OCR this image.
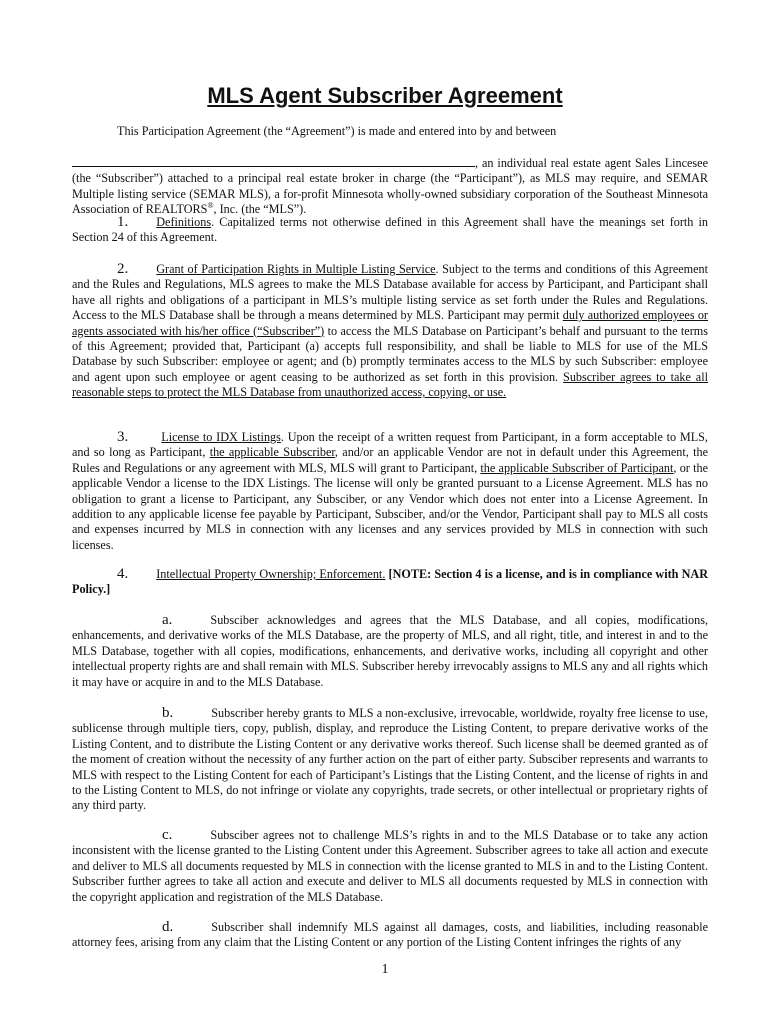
MLS Agent Subscriber Agreement

This Participation Agreement (the “Agreement”) is made and entered into by and between

, an individual real estate agent Sales Lincesee (the “Subscriber”) attached to a principal real estate broker in charge (the “Participant”), as MLS may require, and SEMAR Multiple listing service (SEMAR MLS), a for-profit Minnesota wholly-owned subsidiary corporation of the Southeast Minnesota Association of REALTORS®, Inc. (the “MLS”).

1. Definitions. Capitalized terms not otherwise defined in this Agreement shall have the meanings set forth in Section 24 of this Agreement.

2. Grant of Participation Rights in Multiple Listing Service. Subject to the terms and conditions of this Agreement and the Rules and Regulations, MLS agrees to make the MLS Database available for access by Participant, and Participant shall have all rights and obligations of a participant in MLS’s multiple listing service as set forth under the Rules and Regulations. Access to the MLS Database shall be through a means determined by MLS. Participant may permit duly authorized employees or agents associated with his/her office (“Subscriber”) to access the MLS Database on Participant’s behalf and pursuant to the terms of this Agreement; provided that, Participant (a) accepts full responsibility, and shall be liable to MLS for use of the MLS Database by such Subscriber: employee or agent; and (b) promptly terminates access to the MLS by such Subscriber: employee and agent upon such employee or agent ceasing to be authorized as set forth in this provision. Subscriber agrees to take all reasonable steps to protect the MLS Database from unauthorized access, copying, or use.

3.	License to IDX Listings. Upon the receipt of a written request from Participant, in a form acceptable to MLS, and so long as Participant, the applicable Subscriber, and/or an applicable Vendor are not in default under this Agreement, the Rules and Regulations or any agreement with MLS, MLS will grant to Participant, the applicable Subscriber of Participant, or the applicable Vendor a license to the IDX Listings. The license will only be granted pursuant to a License Agreement. MLS has no obligation to grant a license to Participant, any Subsciber, or any Vendor which does not enter into a License Agreement. In addition to any applicable license fee payable by Participant, Subsciber, and/or the Vendor, Participant shall pay to MLS all costs and expenses incurred by MLS in connection with any licenses and any services provided by MLS in connection with such licenses.

4. Intellectual Property Ownership; Enforcement. [NOTE: Section 4 is a license, and is in compliance with NAR Policy.]

a.	Subsciber acknowledges and agrees that the MLS Database, and all copies, modifications, enhancements, and derivative works of the MLS Database, are the property of MLS, and all right, title, and interest in and to the MLS Database, together with all copies, modifications, enhancements, and derivative works, including all copyright and other intellectual property rights are and shall remain with MLS. Subscriber hereby irrevocably assigns to MLS any and all rights which it may have or acquire in and to the MLS Database.

b.	Subscriber hereby grants to MLS a non-exclusive, irrevocable, worldwide, royalty free license to use, sublicense through multiple tiers, copy, publish, display, and reproduce the Listing Content, to prepare derivative works of the Listing Content, and to distribute the Listing Content or any derivative works thereof. Such license shall be deemed granted as of the moment of creation without the necessity of any further action on the part of either party. Subsciber represents and warrants to MLS with respect to the Listing Content for each of Participant’s Listings that the Listing Content, and the license of rights in and to the Listing Content to MLS, do not infringe or violate any copyrights, trade secrets, or other intellectual or proprietary rights of any third party.

c.	Subsciber agrees not to challenge MLS’s rights in and to the MLS Database or to take any action inconsistent with the license granted to the Listing Content under this Agreement. Subscriber agrees to take all action and execute and deliver to MLS all documents requested by MLS in connection with the license granted to MLS in and to the Listing Content. Subscriber further agrees to take all action and execute and deliver to MLS all documents requested by MLS in connection with the copyright application and registration of the MLS Database.

d.	Subscriber shall indemnify MLS against all damages, costs, and liabilities, including reasonable attorney fees, arising from any claim that the Listing Content or any portion of the Listing Content infringes the rights of any

1
